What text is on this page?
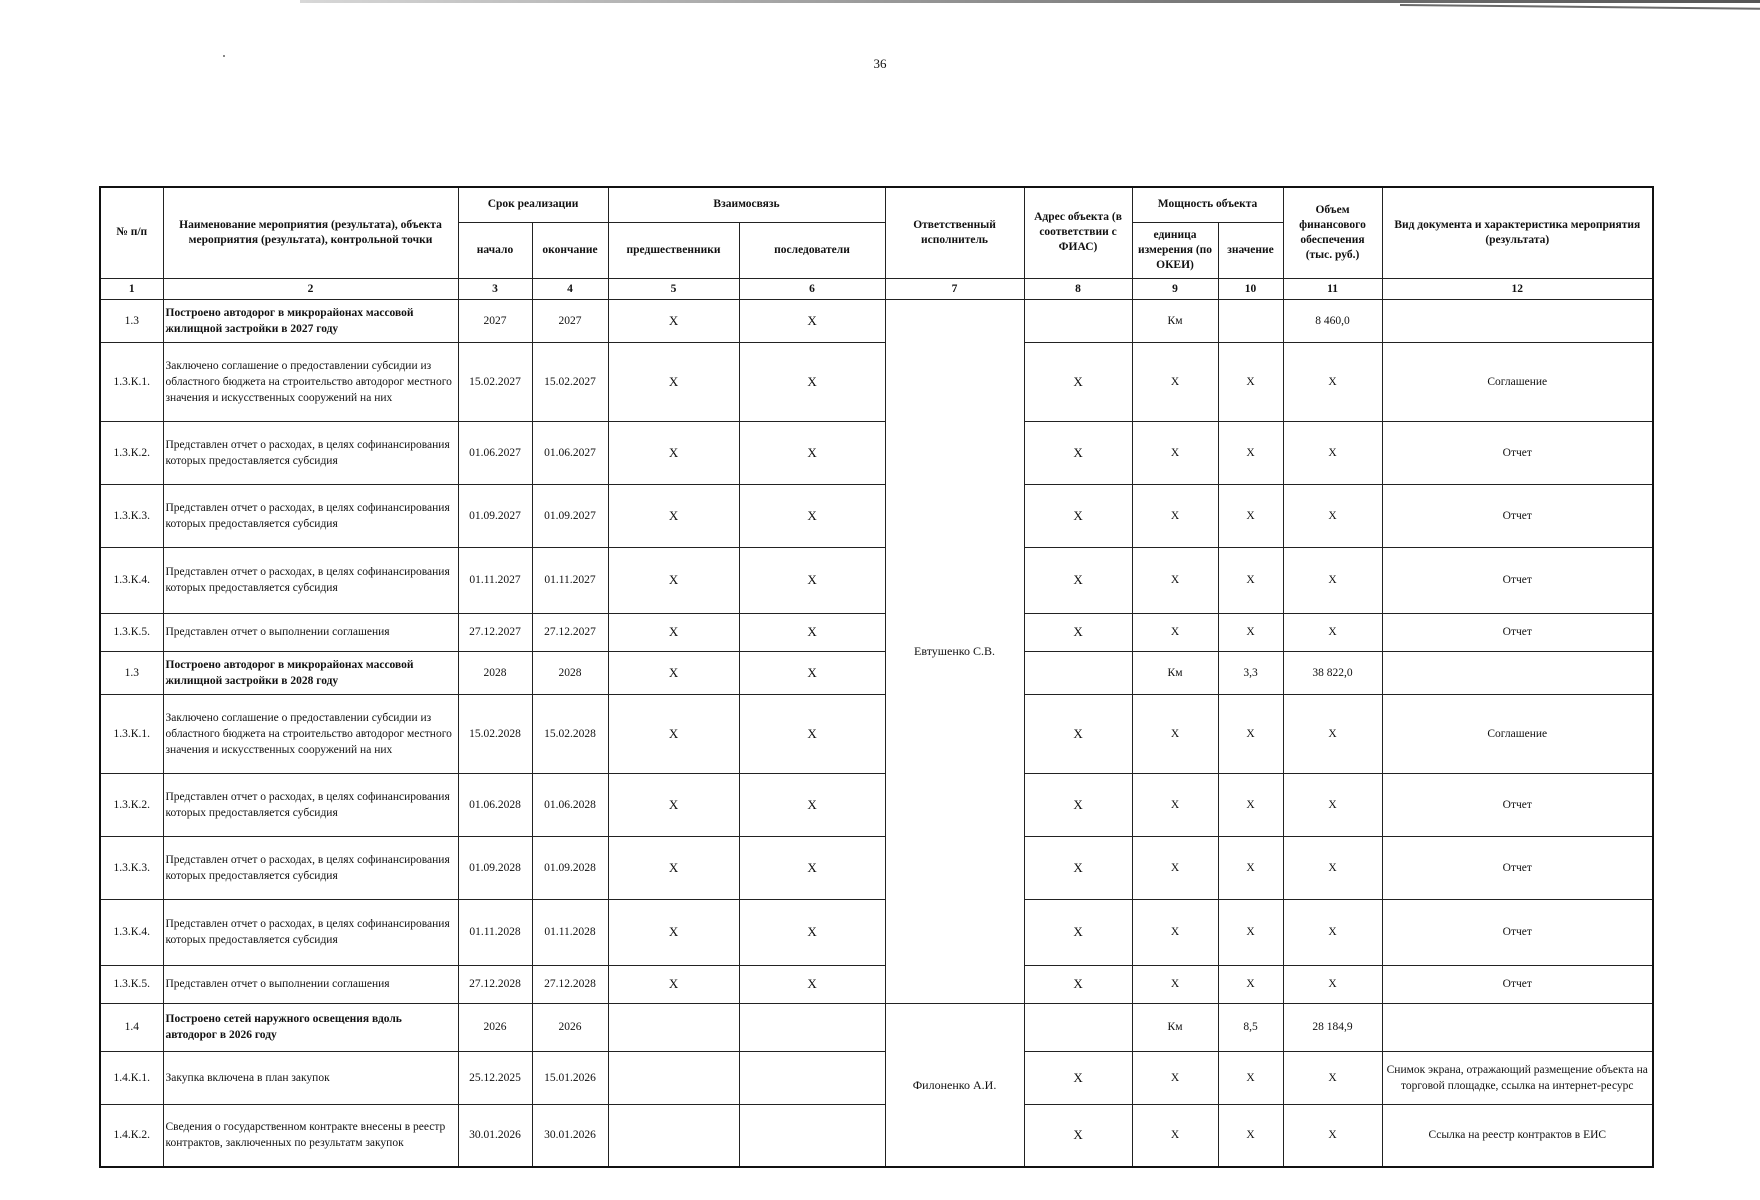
36
№ п/п	Наименование мероприятия (результата), объекта мероприятия (результата), контрольной точки	Срок реализации		Взаимосвязь		Ответственный исполнитель	Адрес объекта (в соответствии с ФИАС)	Мощность объекта		Объем финансового обеспечения (тыс. руб.)	Вид документа и характеристика мероприятия (результата)
		начало	окончание	предшественники	последователи			единица измерения (по ОКЕИ)	значение		
1	2	3	4	5	6	7	8	9	10	11	12
1.3	Построено автодорог в микрорайонах массовой жилищной застройки в 2027 году	2027	2027	X	X	Евтушенко С.В.		Км		8 460,0	
1.3.К.1.	Заключено соглашение о предоставлении субсидии из областного бюджета на строительство автодорог местного значения и искусственных сооружений на них	15.02.2027	15.02.2027	X	X		X	X	X	X	Соглашение
1.3.К.2.	Представлен отчет о расходах, в целях софинансирования которых предоставляется субсидия	01.06.2027	01.06.2027	X	X		X	X	X	X	Отчет
1.3.К.3.	Представлен отчет о расходах, в целях софинансирования которых предоставляется субсидия	01.09.2027	01.09.2027	X	X		X	X	X	X	Отчет
1.3.К.4.	Представлен отчет о расходах, в целях софинансирования которых предоставляется субсидия	01.11.2027	01.11.2027	X	X		X	X	X	X	Отчет
1.3.К.5.	Представлен отчет о выполнении соглашения	27.12.2027	27.12.2027	X	X		X	X	X	X	Отчет
1.3	Построено автодорог в микрорайонах массовой жилищной застройки в 2028 году	2028	2028	X	X			Км	3,3	38 822,0	
1.3.К.1.	Заключено соглашение о предоставлении субсидии из областного бюджета на строительство автодорог местного значения и искусственных сооружений на них	15.02.2028	15.02.2028	X	X		X	X	X	X	Соглашение
1.3.К.2.	Представлен отчет о расходах, в целях софинансирования которых предоставляется субсидия	01.06.2028	01.06.2028	X	X		X	X	X	X	Отчет
1.3.К.3.	Представлен отчет о расходах, в целях софинансирования которых предоставляется субсидия	01.09.2028	01.09.2028	X	X		X	X	X	X	Отчет
1.3.К.4.	Представлен отчет о расходах, в целях софинансирования которых предоставляется субсидия	01.11.2028	01.11.2028	X	X		X	X	X	X	Отчет
1.3.К.5.	Представлен отчет о выполнении соглашения	27.12.2028	27.12.2028	X	X		X	X	X	X	Отчет
1.4	Построено сетей наружного освещения вдоль автодорог в 2026 году	2026	2026			Филоненко А.И.		Км	8,5	28 184,9	
1.4.К.1.	Закупка включена в план закупок	25.12.2025	15.01.2026				X	X	X	X	Снимок экрана, отражающий размещение объекта на торговой площадке, ссылка на интернет-ресурс
1.4.К.2.	Сведения о государственном контракте внесены в реестр контрактов, заключенных по результатм закупок	30.01.2026	30.01.2026				X	X	X	X	Ссылка на реестр контрактов в ЕИС
